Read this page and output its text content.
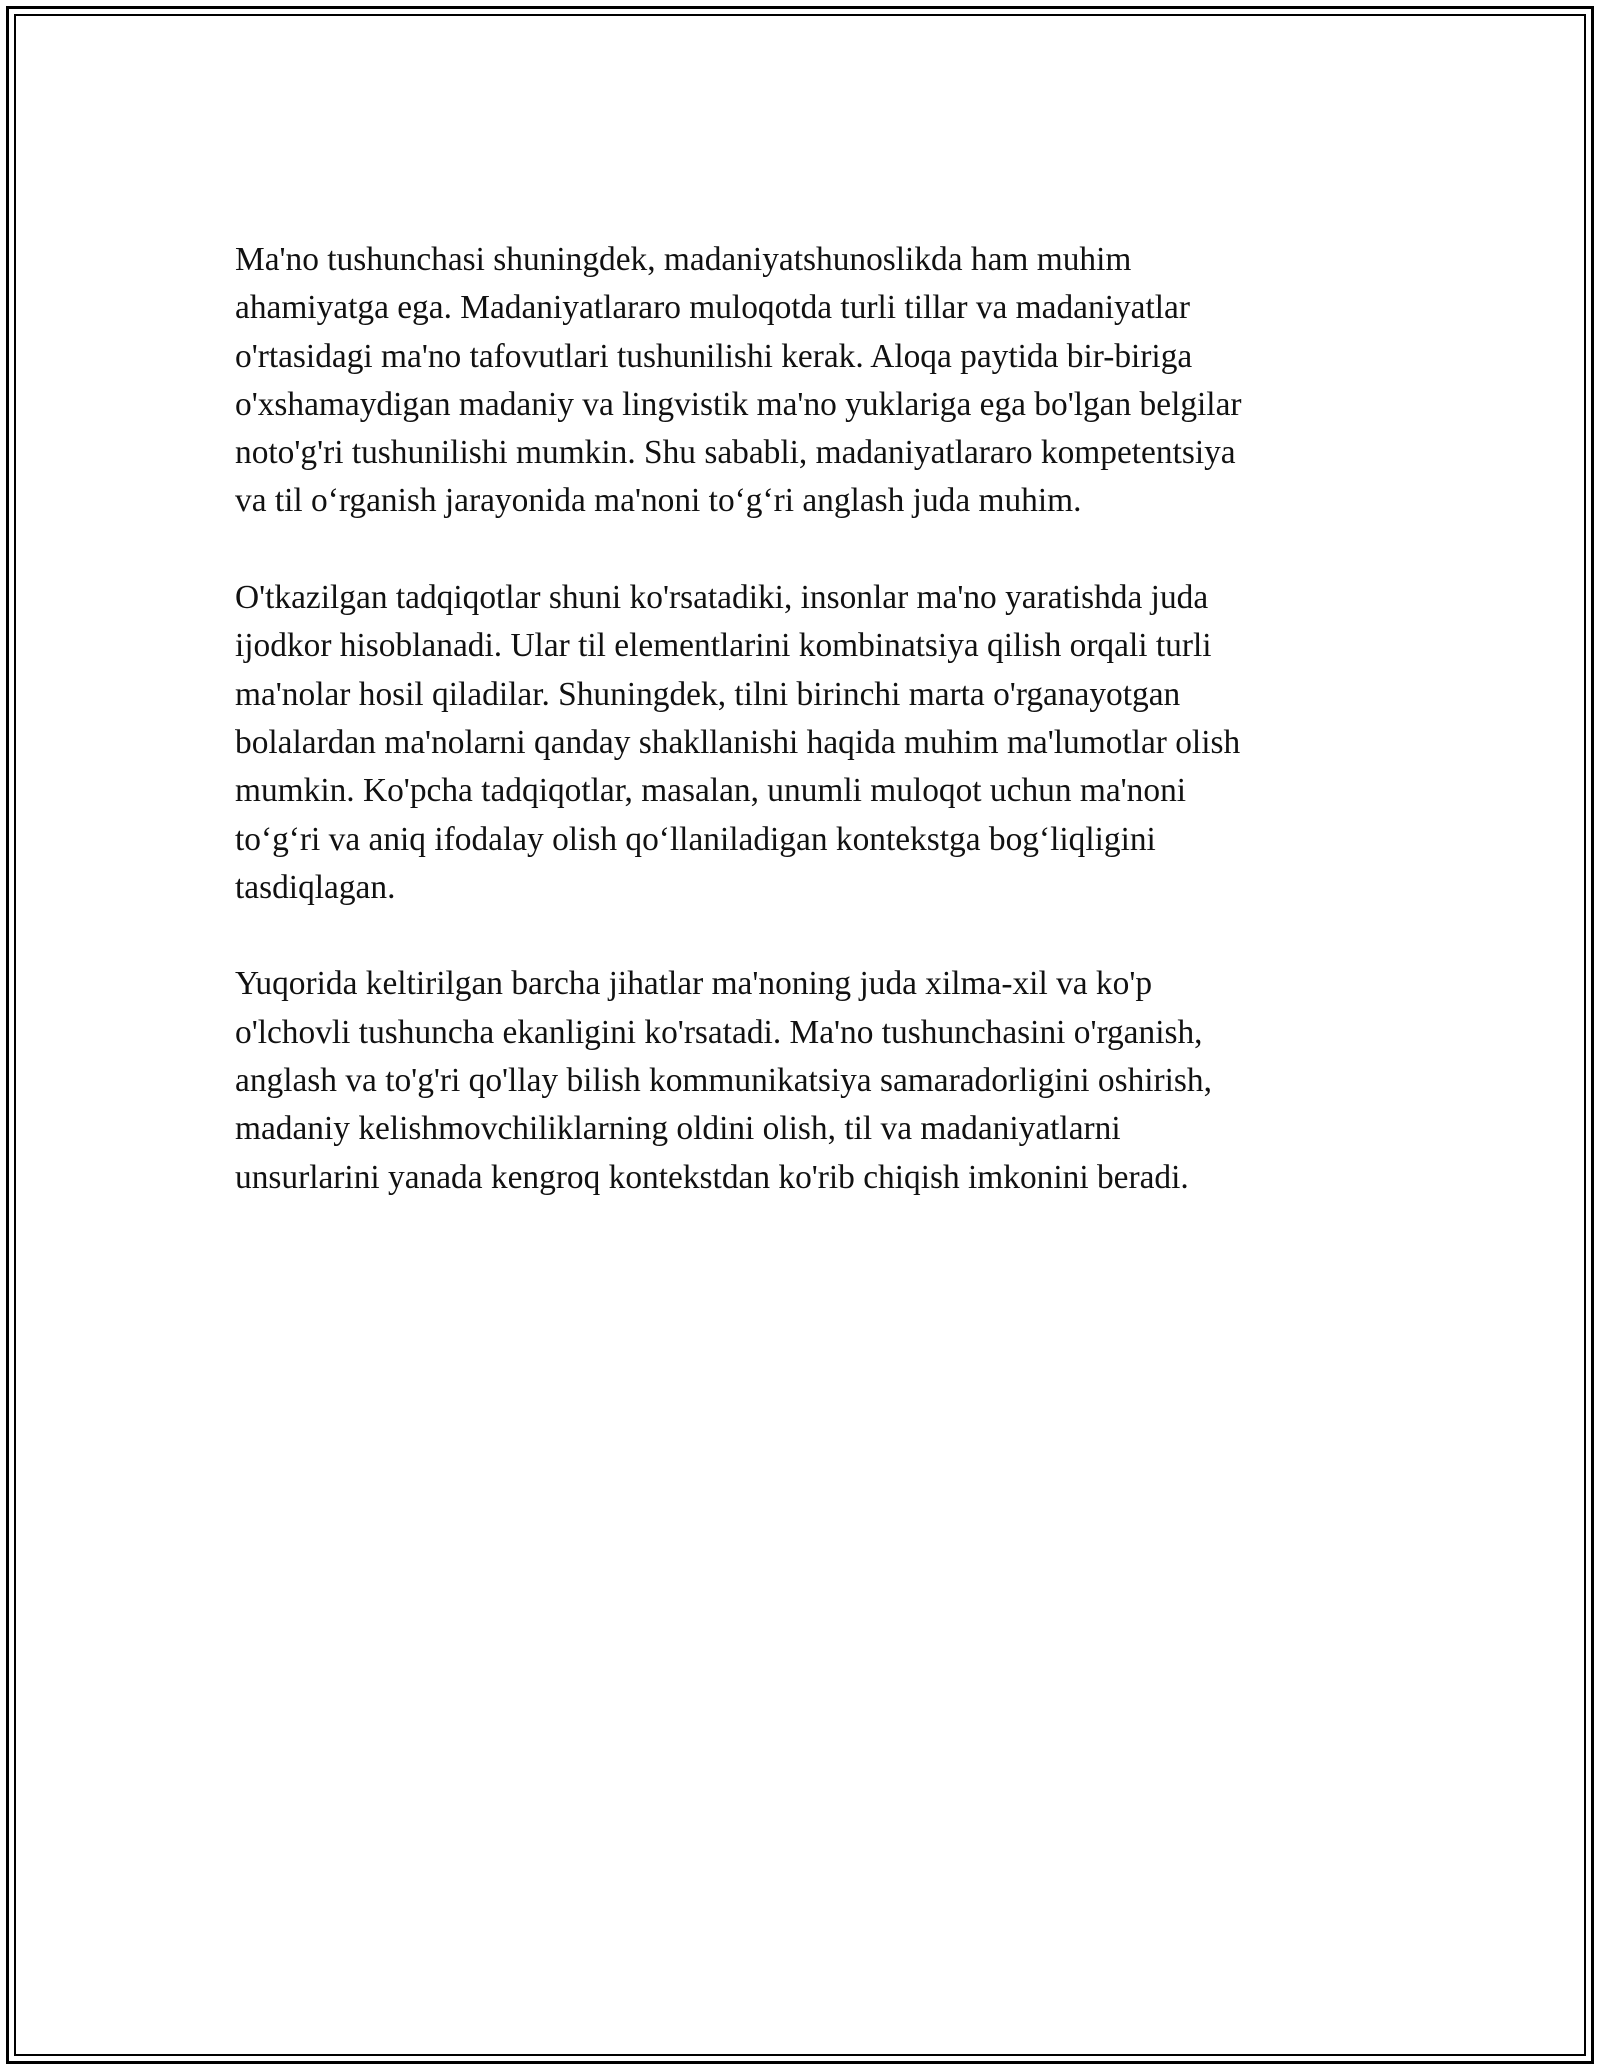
Ma'no tushunchasi shuningdek, madaniyatshunoslikda ham muhim
ahamiyatga ega. Madaniyatlararo muloqotda turli tillar va madaniyatlar
o'rtasidagi ma'no tafovutlari tushunilishi kerak. Aloqa paytida bir-biriga
o'xshamaydigan madaniy va lingvistik ma'no yuklariga ega bo'lgan belgilar
noto'g'ri tushunilishi mumkin. Shu sababli, madaniyatlararo kompetentsiya
va til oʻrganish jarayonida ma'noni toʻgʻri anglash juda muhim.

O'tkazilgan tadqiqotlar shuni ko'rsatadiki, insonlar ma'no yaratishda juda
ijodkor hisoblanadi. Ular til elementlarini kombinatsiya qilish orqali turli
ma'nolar hosil qiladilar. Shuningdek, tilni birinchi marta o'rganayotgan
bolalardan ma'nolarni qanday shakllanishi haqida muhim ma'lumotlar olish
mumkin. Ko'pcha tadqiqotlar, masalan, unumli muloqot uchun ma'noni
toʻgʻri va aniq ifodalay olish qoʻllaniladigan kontekstga bogʻliqligini
tasdiqlagan.

Yuqorida keltirilgan barcha jihatlar ma'noning juda xilma-xil va ko'p
o'lchovli tushuncha ekanligini ko'rsatadi. Ma'no tushunchasini o'rganish,
anglash va to'g'ri qo'llay bilish kommunikatsiya samaradorligini oshirish,
madaniy kelishmovchiliklarning oldini olish, til va madaniyatlarni
unsurlarini yanada kengroq kontekstdan ko'rib chiqish imkonini beradi.
